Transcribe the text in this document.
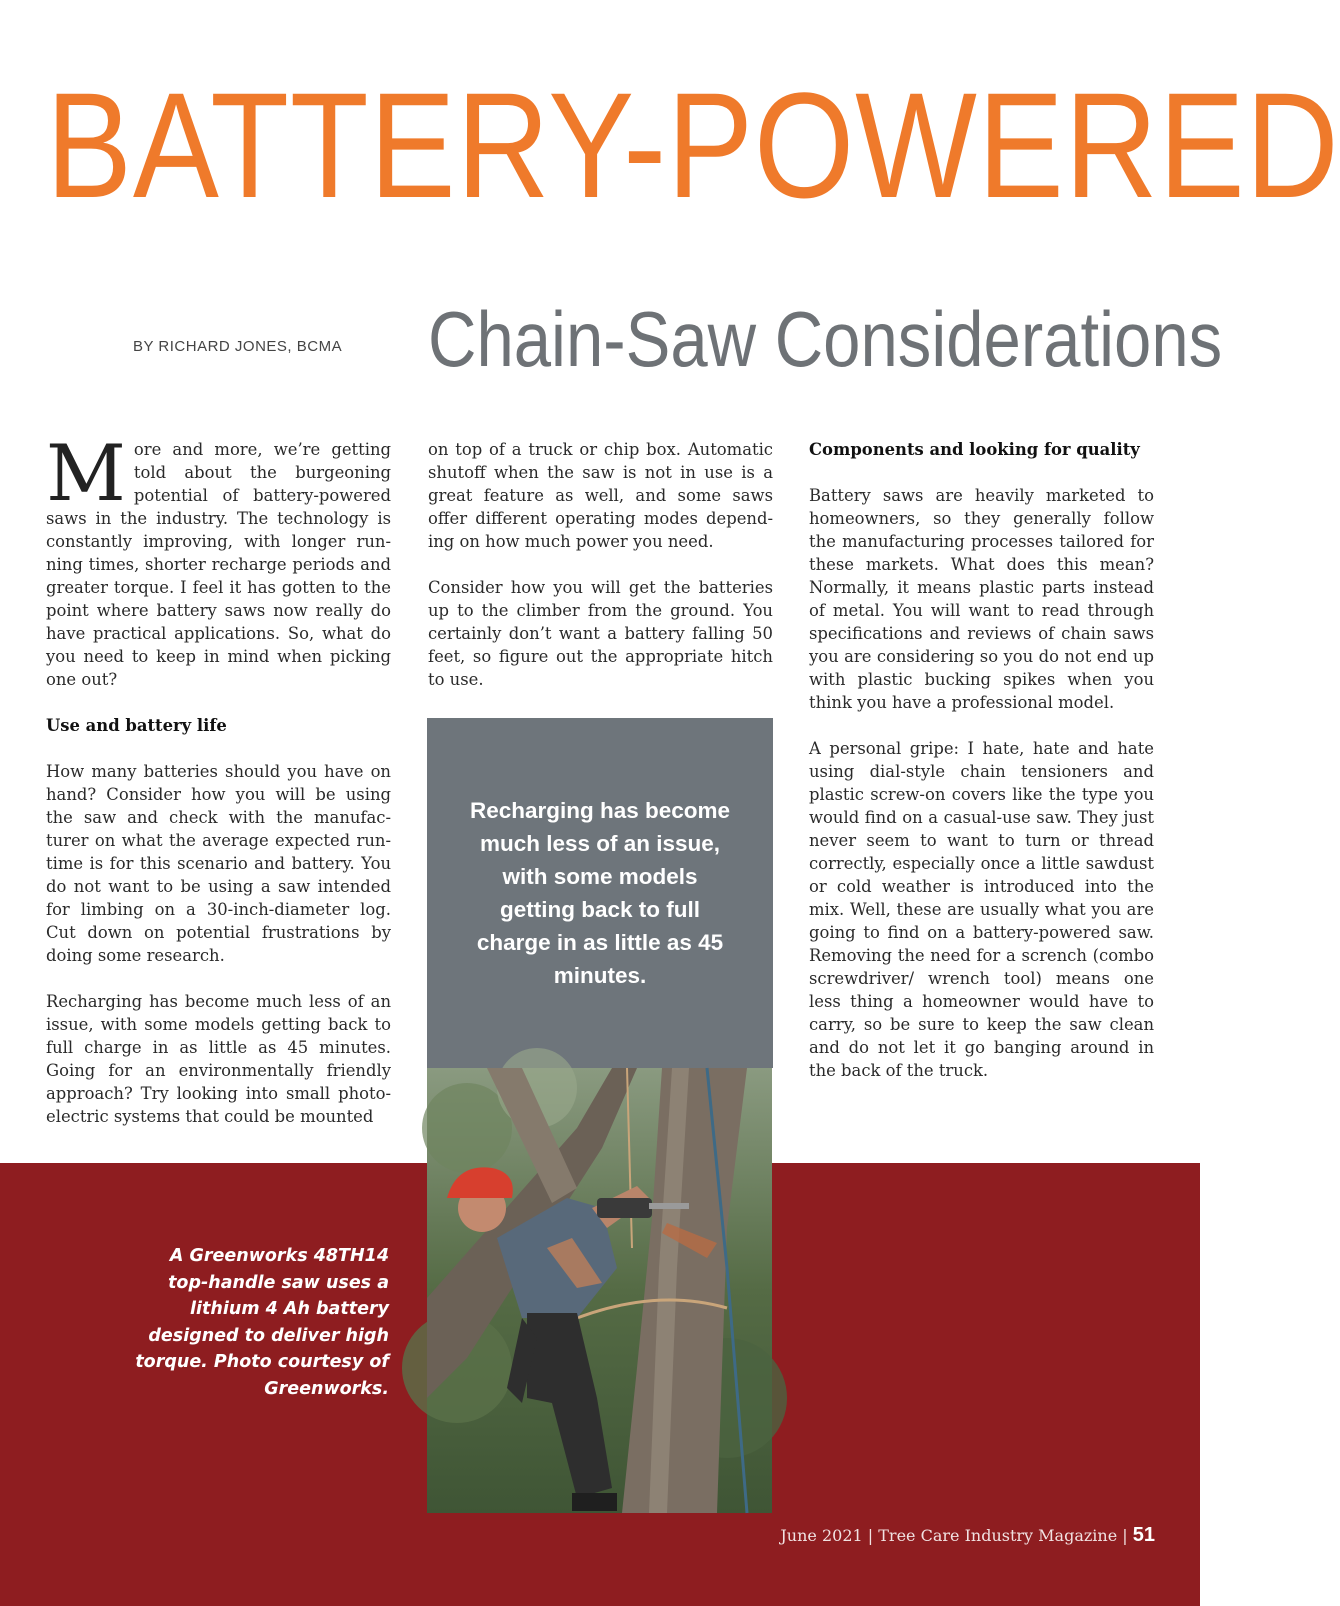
BATTERY-POWERED
BY RICHARD JONES, BCMA Chain-Saw Considerations

More and more, we’re getting told about the burgeoning potential of battery-powered saws in the industry. The technology is constantly improving, with longer running times, shorter recharge periods and greater torque. I feel it has gotten to the point where battery saws now really do have practical applications. So, what do you need to keep in mind when picking one out?

Use and battery life

How many batteries should you have on hand? Consider how you will be using the saw and check with the manufacturer on what the average expected runtime is for this scenario and battery. You do not want to be using a saw intended for limbing on a 30-inch-diameter log. Cut down on potential frustrations by doing some research.

Recharging has become much less of an issue, with some models getting back to full charge in as little as 45 minutes. Going for an environmentally friendly approach? Try looking into small photoelectric systems that could be mounted

on top of a truck or chip box. Automatic shutoff when the saw is not in use is a great feature as well, and some saws offer different operating modes depending on how much power you need.

Consider how you will get the batteries up to the climber from the ground. You certainly don’t want a battery falling 50 feet, so figure out the appropriate hitch to use.

Components and looking for quality

Battery saws are heavily marketed to homeowners, so they generally follow the manufacturing processes tailored for these markets. What does this mean? Normally, it means plastic parts instead of metal. You will want to read through specifications and reviews of chain saws you are considering so you do not end up with plastic bucking spikes when you think you have a professional model.

A personal gripe: I hate, hate and hate using dial-style chain tensioners and plastic screw-on covers like the type you would find on a casual-use saw. They just never seem to want to turn or thread correctly, especially once a little sawdust or cold weather is introduced into the mix. Well, these are usually what you are going to find on a battery-powered saw. Removing the need for a scrench (combo screwdriver/ wrench tool) means one less thing a homeowner would have to carry, so be sure to keep the saw clean and do not let it go banging around in the back of the truck.

Recharging has become much less of an issue, with some models getting back to full charge in as little as 45 minutes.
A Greenworks 48TH14 top-handle saw uses a lithium 4 Ah battery designed to deliver high torque. Photo courtesy of Greenworks.
June 2021 | Tree Care Industry Magazine | 51
